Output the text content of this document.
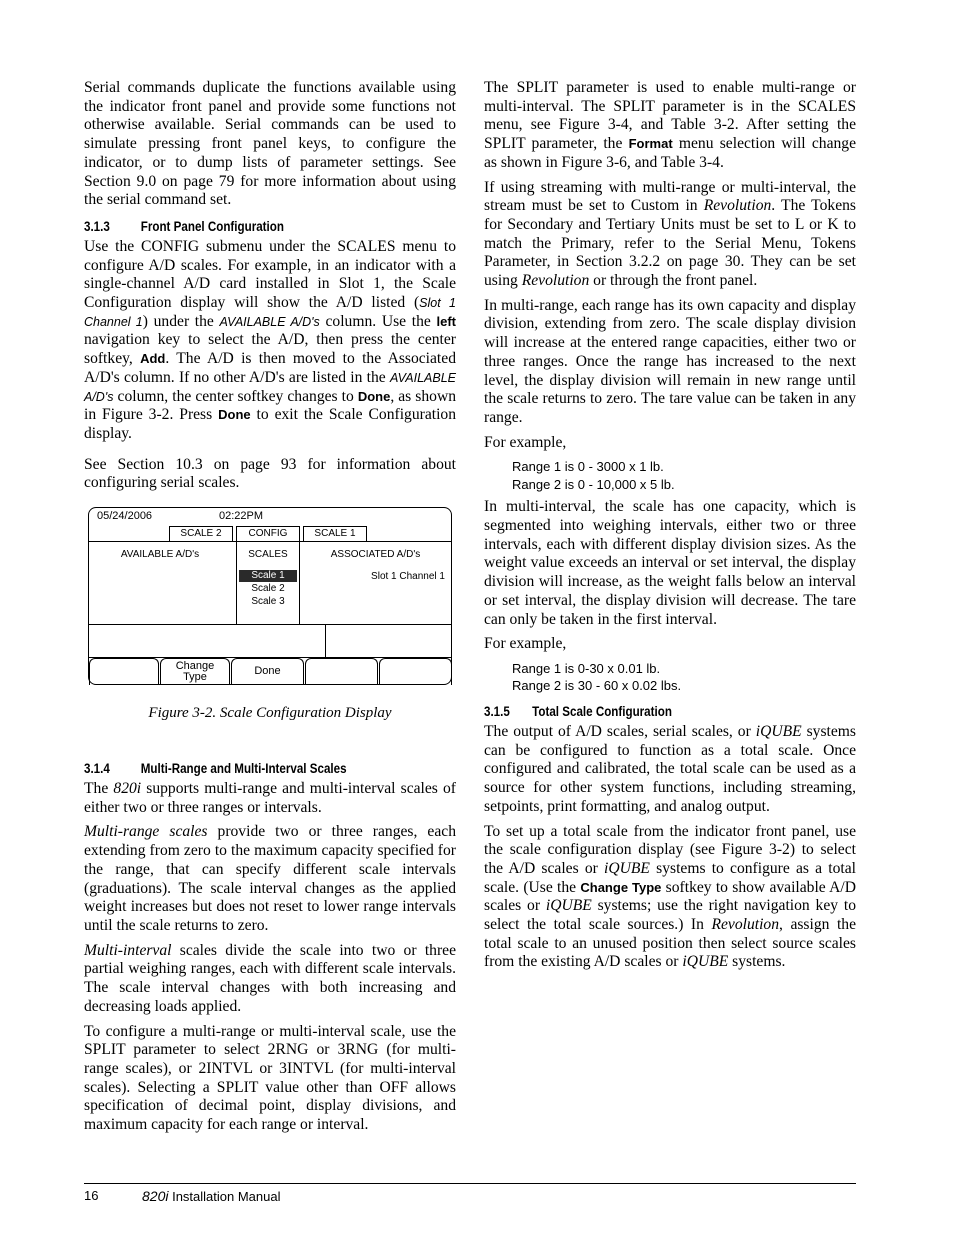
Serial commands duplicate the functions available using the indicator front panel and provide some functions not otherwise available. Serial commands can be used to simulate pressing front panel keys, to configure the indicator, or to dump lists of parameter settings. See Section 9.0 on page 79 for more information about using the serial command set.

3.1.3 Front Panel Configuration

Use the CONFIG submenu under the SCALES menu to configure A/D scales. For example, in an indicator with a single-channel A/D card installed in Slot 1, the Scale Configuration display will show the A/D listed (Slot 1 Channel 1) under the AVAILABLE A/D's column. Use the left navigation key to select the A/D, then press the center softkey, Add. The A/D is then moved to the Associated A/D's column. If no other A/D's are listed in the AVAILABLE A/D's column, the center softkey changes to Done, as shown in Figure 3-2. Press Done to exit the Scale Configuration display.

See Section 10.3 on page 93 for information about configuring serial scales.

05/24/2006	02:22PM
SCALE 2	CONFIG	SCALE 1
AVAILABLE A/D's	SCALES	ASSOCIATED A/D's
Scale 1
Scale 2
Scale 3
Slot 1 Channel 1
Change
Type	Done
Figure 3-2. Scale Configuration Display
3.1.4 Multi-Range and Multi-Interval Scales

The 820i supports multi-range and multi-interval scales of either two or three ranges or intervals.

Multi-range scales provide two or three ranges, each extending from zero to the maximum capacity specified for the range, that can specify different scale intervals (graduations). The scale interval changes as the applied weight increases but does not reset to lower range intervals until the scale returns to zero.

Multi-interval scales divide the scale into two or three partial weighing ranges, each with different scale intervals. The scale interval changes with both increasing and decreasing loads applied.

To configure a multi-range or multi-interval scale, use the SPLIT parameter to select 2RNG or 3RNG (for multi-range scales), or 2INTVL or 3INTVL (for multi-interval scales). Selecting a SPLIT value other than OFF allows specification of decimal point, display divisions, and maximum capacity for each range or interval.

The SPLIT parameter is used to enable multi-range or multi-interval. The SPLIT parameter is in the SCALES menu, see Figure 3-4, and Table 3-2. After setting the SPLIT parameter, the Format menu selection will change as shown in Figure 3-6, and Table 3-4.

If using streaming with multi-range or multi-interval, the stream must be set to Custom in Revolution. The Tokens for Secondary and Tertiary Units must be set to L or K to match the Primary, refer to the Serial Menu, Tokens Parameter, in Section 3.2.2 on page 30. They can be set using Revolution or through the front panel.

In multi-range, each range has its own capacity and display division, extending from zero. The scale display division will increase at the entered range capacities, either two or three ranges. Once the range has increased to the next level, the display division will remain in new range until the scale returns to zero. The tare value can be taken in any range.

For example,

Range 1 is 0 - 3000 x 1 lb.
Range 2 is 0 - 10,000 x 5 lb.

In multi-interval, the scale has one capacity, which is segmented into weighing intervals, either two or three intervals, each with different display division sizes. As the weight value exceeds an interval or set interval, the display division will increase, as the weight falls below an interval or set interval, the display division will decrease. The tare can only be taken in the first interval.

For example,

Range 1 is 0-30 x 0.01 lb.
Range 2 is 30 - 60 x 0.02 lbs.
3.1.5 Total Scale Configuration

The output of A/D scales, serial scales, or iQUBE systems can be configured to function as a total scale. Once configured and calibrated, the total scale can be used as a source for other system functions, including streaming, setpoints, print formatting, and analog output.

To set up a total scale from the indicator front panel, use the scale configuration display (see Figure 3-2) to select the A/D scales or iQUBE systems to configure as a total scale. (Use the Change Type softkey to show available A/D scales or iQUBE systems; use the right navigation key to select the total scale sources.) In Revolution, assign the total scale to an unused position then select source scales from the existing A/D scales or iQUBE systems.

16	820i Installation Manual
